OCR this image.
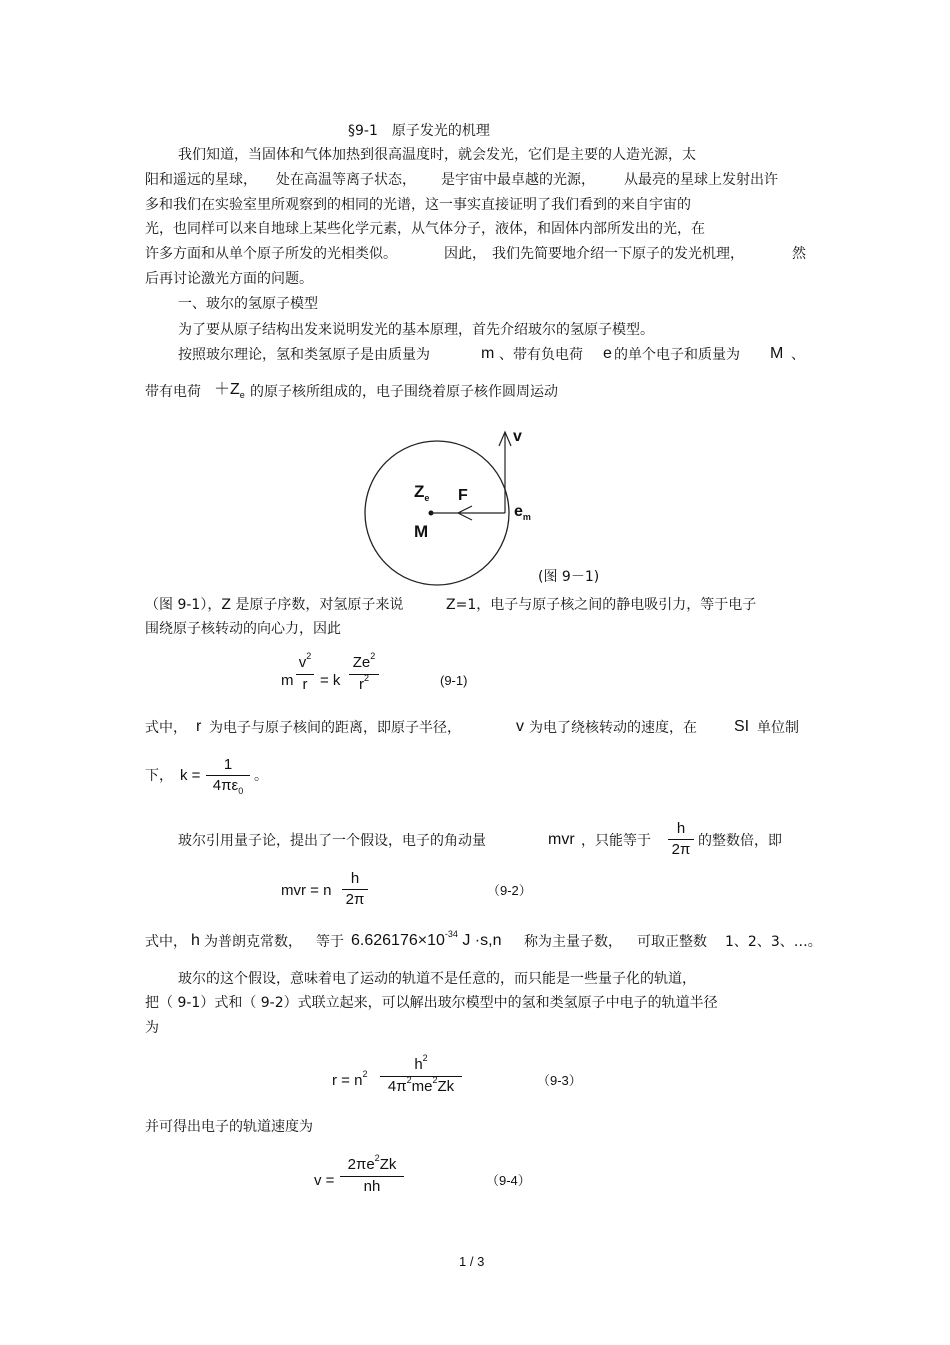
§9-1　原子发光的机理
我们知道，当固体和气体加热到很高温度时，就会发光，它们是主要的人造光源，太
阳和遥远的星球， 处在高温等离子状态， 是宇宙中最卓越的光源， 从最亮的星球上发射出许
多和我们在实验室里所观察到的相同的光谱，这一事实直接证明了我们看到的来自宇宙的
光，也同样可以来自地球上某些化学元素，从气体分子，液体，和固体内部所发出的光，在
许多方面和从单个原子所发的光相类似。	因此， 我们先简要地介绍一下原子的发光机理，	然
后再讨论激光方面的问题。
一、玻尔的氢原子模型
为了要从原子结构出发来说明发光的基本原理，首先介绍玻尔的氢原子模型。
按照玻尔理论，氢和类氢原子是由质量为	m 、带有负电荷 e 的单个电子和质量为 M 、
带有电荷 $+Z_e$ 的原子核所组成的，电子围绕着原子核作圆周运动
v
$Z_e$ F
$e_m$
M
(图 9－1)
（图 9-1），Z 是原子序数，对氢原子来说	Z=1，电子与原子核之间的静电吸引力，等于电子
围绕原子核转动的向心力，因此
m
$v^2$
r = k
Ze$^2$
$r^2$	(9-1)
式中， r 为电子与原子核间的距离，即原子半径，	v 为电了绕核转动的速度，在 SI 单位制
下， k =
1
$4\pi\varepsilon_0$
。
玻尔引用量子论，提出了一个假设，电子的角动量	mvr ，只能等于
h
2π 的整数倍，即
mvr = n
h
2π
（9-2）
式中， h 为普朗克常数， 等于 $6.626176\times 10^{-34}$ J ·s,n 称为主量子数， 可取正整数 1、2、3、…。
玻尔的这个假设，意味着电了运动的轨道不是任意的，而只能是一些量子化的轨道，
把（ 9-1）式和（ 9-2）式联立起来，可以解出玻尔模型中的氢和类氢原子中电子的轨道半径
为
$r = n^2$
$h^2$
$4\pi^2me^2Zk$	（9-3）
并可得出电子的轨道速度为
v =
$2\pi e^2Zk$
nh	（9-4）
1 / 3
